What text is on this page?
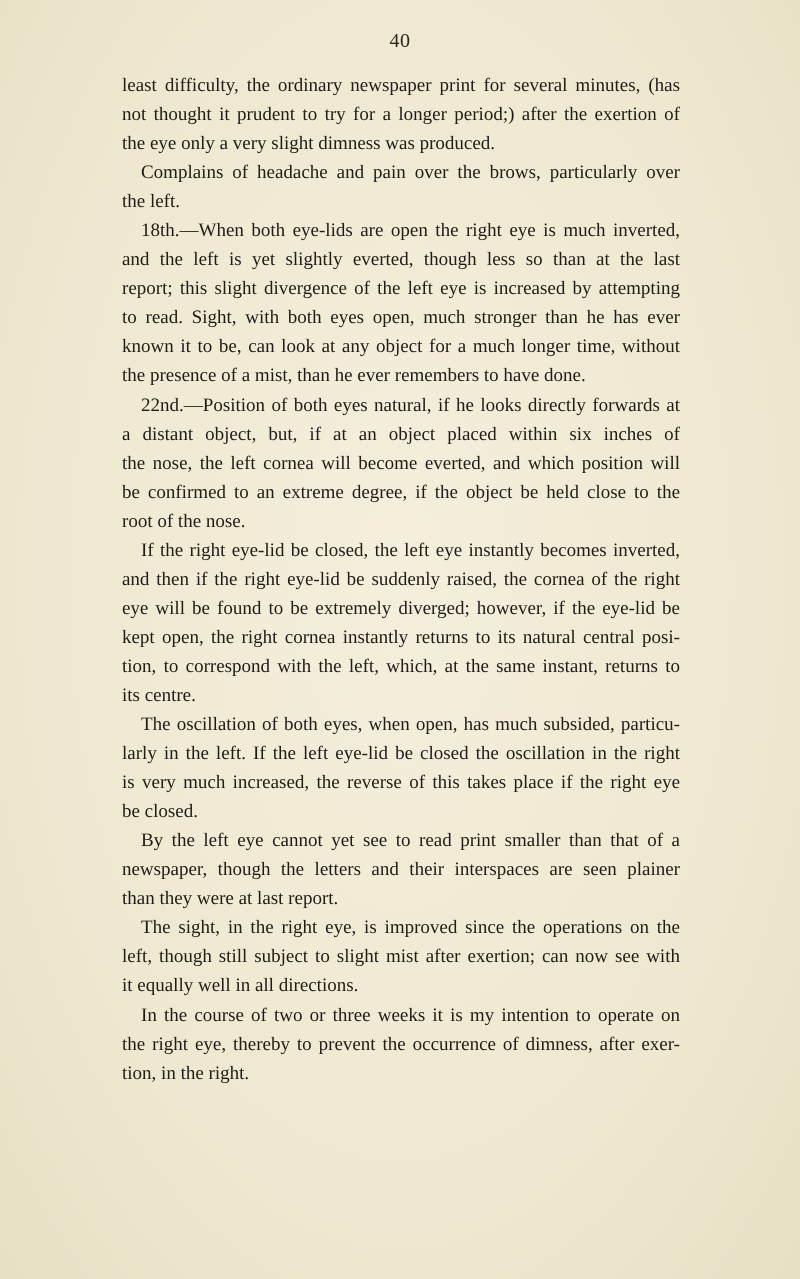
40
least difficulty, the ordinary newspaper print for several minutes, (has
not thought it prudent to try for a longer period;) after the exertion of
the eye only a very slight dimness was produced.
Complains of headache and pain over the brows, particularly over
the left.
18th.—When both eye-lids are open the right eye is much inverted,
and the left is yet slightly everted, though less so than at the last
report; this slight divergence of the left eye is increased by attempting
to read. Sight, with both eyes open, much stronger than he has ever
known it to be, can look at any object for a much longer time, without
the presence of a mist, than he ever remembers to have done.
22nd.—Position of both eyes natural, if he looks directly forwards at
a distant object, but, if at an object placed within six inches of
the nose, the left cornea will become everted, and which position will
be confirmed to an extreme degree, if the object be held close to the
root of the nose.
If the right eye-lid be closed, the left eye instantly becomes inverted,
and then if the right eye-lid be suddenly raised, the cornea of the right
eye will be found to be extremely diverged; however, if the eye-lid be
kept open, the right cornea instantly returns to its natural central posi-
tion, to correspond with the left, which, at the same instant, returns to
its centre.
The oscillation of both eyes, when open, has much subsided, particu-
larly in the left. If the left eye-lid be closed the oscillation in the right
is very much increased, the reverse of this takes place if the right eye
be closed.
By the left eye cannot yet see to read print smaller than that of a
newspaper, though the letters and their interspaces are seen plainer
than they were at last report.
The sight, in the right eye, is improved since the operations on the
left, though still subject to slight mist after exertion; can now see with
it equally well in all directions.
In the course of two or three weeks it is my intention to operate on
the right eye, thereby to prevent the occurrence of dimness, after exer-
tion, in the right.
